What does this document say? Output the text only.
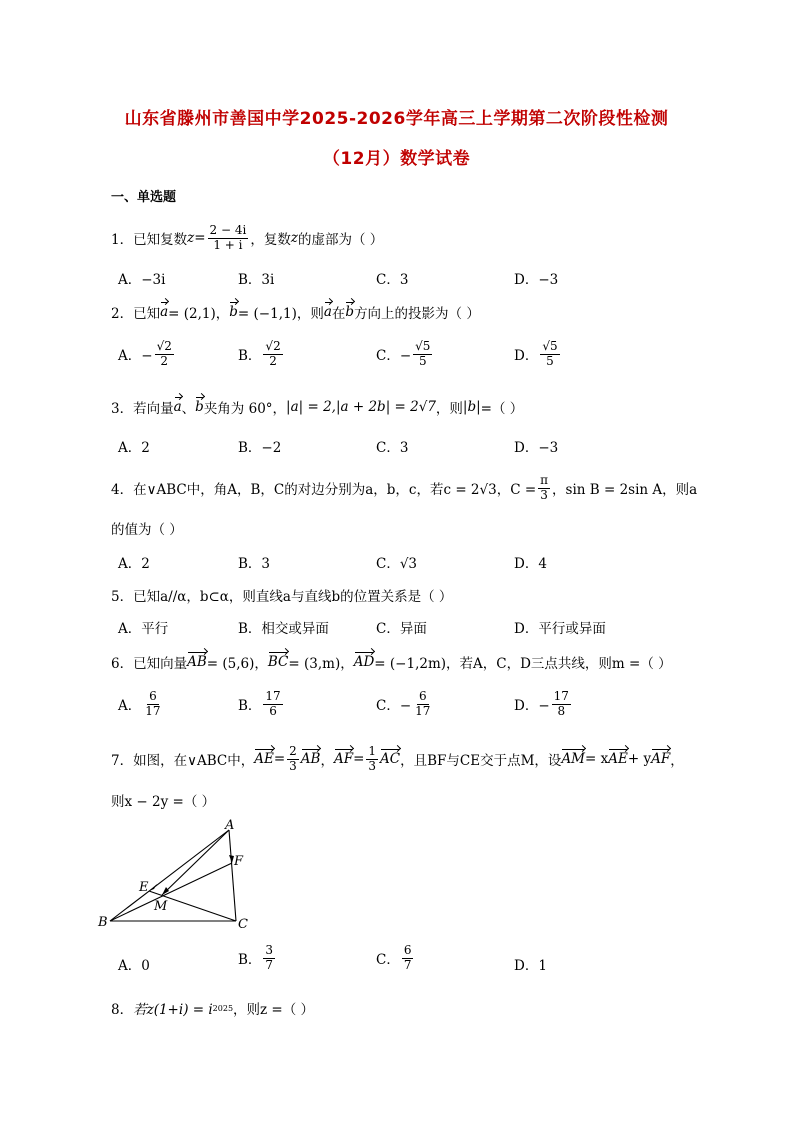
山东省滕州市善国中学2025-2026学年高三上学期第二次阶段性检测
（12月）数学试卷
一、单选题
1． 已知复数 $z = \frac{2 - 4i}{1 + i}$ ，复数 z 的虚部为（ ）
A．−3i	B．3i	C．3	D．−3
2． 已知 a = (2,1)， b = (−1,1)，则 a 在 b 方向上的投影为（ ）
A．− $\frac{√2}{2}$	B． $\frac{√2}{2}$	C．− $\frac{√5}{5}$	D． $\frac{√5}{5}$
3． 若向量 a 、 b 夹角为 60°， |a| = 2, |a + 2b| = 2√7 ，则 |b| =（ ）
A．2	B．−2	C．3	D．−3
4． 在∨ABC中，角A，B，C的对边分别为a，b，c，若c = 2√3，$C = \frac{\pi}{3}$ ，sin B = 2sin A，则a
的值为（ ）
A．2	B．3	C．√3	D．4
5． 已知a//α，b⊂α，则直线a与直线b的位置关系是（ ）
A．平行	B．相交或异面	C．异面	D．平行或异面
6． 已知向量 AB = (5,6)， BC = (3,m)， AD = (−1,2m)，若A，C，D三点共线，则m =（ ）
A． $\frac{6}{17}$	B． $\frac{17}{6}$	C．− $\frac{6}{17}$	D．− $\frac{17}{8}$
7． 如图，在∨ABC中， AE = $\frac{2}{3}$ AB ， AF = $\frac{1}{3}$ AC ，且BF与CE交于点M，设 AM = x AE + y AF ，
则x − 2y =（ ）
A
F
E
M
B	C
A．0	B． $\frac{3}{7}$	C． $\frac{6}{7}$	D．1
8． 若z(1+i) = i 2025 ，则z =（ ）
